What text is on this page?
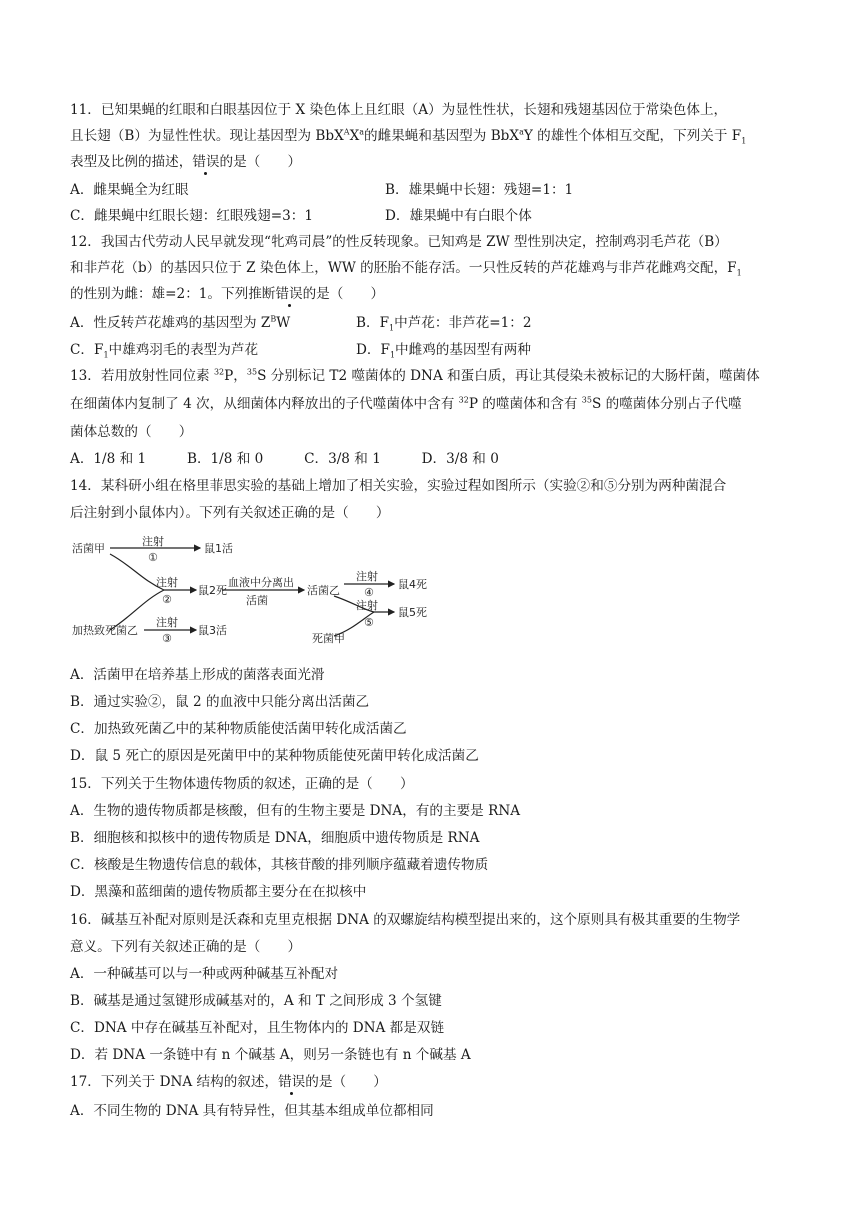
11．已知果蝇的红眼和白眼基因位于 X 染色体上且红眼（A）为显性性状，长翅和残翅基因位于常染色体上，
且长翅（B）为显性性状。现让基因型为 $BbX^AX^a$的雌果蝇和基因型为 BbX$^a$Y 的雄性个体相互交配，下列关于 $F_1$
表型及比例的描述，错误的是（　　）
A．雌果蝇全为红眼	B．雄果蝇中长翅：残翅=1：1
C．雌果蝇中红眼长翅：红眼残翅=3：1	D．雄果蝇中有白眼个体
12．我国古代劳动人民早就发现“牝鸡司晨”的性反转现象。已知鸡是 ZW 型性别决定，控制鸡羽毛芦花（B）
和非芦花（b）的基因只位于 Z 染色体上，WW 的胚胎不能存活。一只性反转的芦花雄鸡与非芦花雌鸡交配，$F_1$
的性别为雌：雄=2：1。下列推断错误的是（　　）
A．性反转芦花雄鸡的基因型为 $Z^BW$	B．$F_1$中芦花：非芦花=1：2
C．$F_1$中雄鸡羽毛的表型为芦花	D．$F_1$中雌鸡的基因型有两种
13．若用放射性同位素 $^{32}$P，$^{35}$S 分别标记 T2 噬菌体的 DNA 和蛋白质，再让其侵染未被标记的大肠杆菌，噬菌体
在细菌体内复制了 4 次，从细菌体内释放出的子代噬菌体中含有 $^{32}$P 的噬菌体和含有 $^{35}$S 的噬菌体分别占子代噬
菌体总数的（　　）
A．1/8 和 1　　　B．1/8 和 0　　　C．3/8 和 1　　　D．3/8 和 0
14．某科研小组在格里菲思实验的基础上增加了相关实验，实验过程如图所示（实验②和⑤分别为两种菌混合
后注射到小鼠体内）。下列有关叙述正确的是（　　）
活菌甲
注射
①
鼠1活
注射
②
鼠2死
血液中分离出
活菌
活菌乙
注射
④
鼠4死
注射
⑤
鼠5死
死菌甲
加热致死菌乙
注射
③
鼠3活
A．活菌甲在培养基上形成的菌落表面光滑
B．通过实验②，鼠 2 的血液中只能分离出活菌乙
C．加热致死菌乙中的某种物质能使活菌甲转化成活菌乙
D．鼠 5 死亡的原因是死菌甲中的某种物质能使死菌甲转化成活菌乙
15．下列关于生物体遗传物质的叙述，正确的是（　　）
A．生物的遗传物质都是核酸，但有的生物主要是 DNA，有的主要是 RNA
B．细胞核和拟核中的遗传物质是 DNA，细胞质中遗传物质是 RNA
C．核酸是生物遗传信息的载体，其核苷酸的排列顺序蕴藏着遗传物质
D．黑藻和蓝细菌的遗传物质都主要分在在拟核中
16．碱基互补配对原则是沃森和克里克根据 DNA 的双螺旋结构模型提出来的，这个原则具有极其重要的生物学
意义。下列有关叙述正确的是（　　）
A．一种碱基可以与一种或两种碱基互补配对
B．碱基是通过氢键形成碱基对的，A 和 T 之间形成 3 个氢键
C．DNA 中存在碱基互补配对，且生物体内的 DNA 都是双链
D．若 DNA 一条链中有 n 个碱基 A，则另一条链也有 n 个碱基 A
17．下列关于 DNA 结构的叙述，错误的是（　　）
A．不同生物的 DNA 具有特异性，但其基本组成单位都相同
